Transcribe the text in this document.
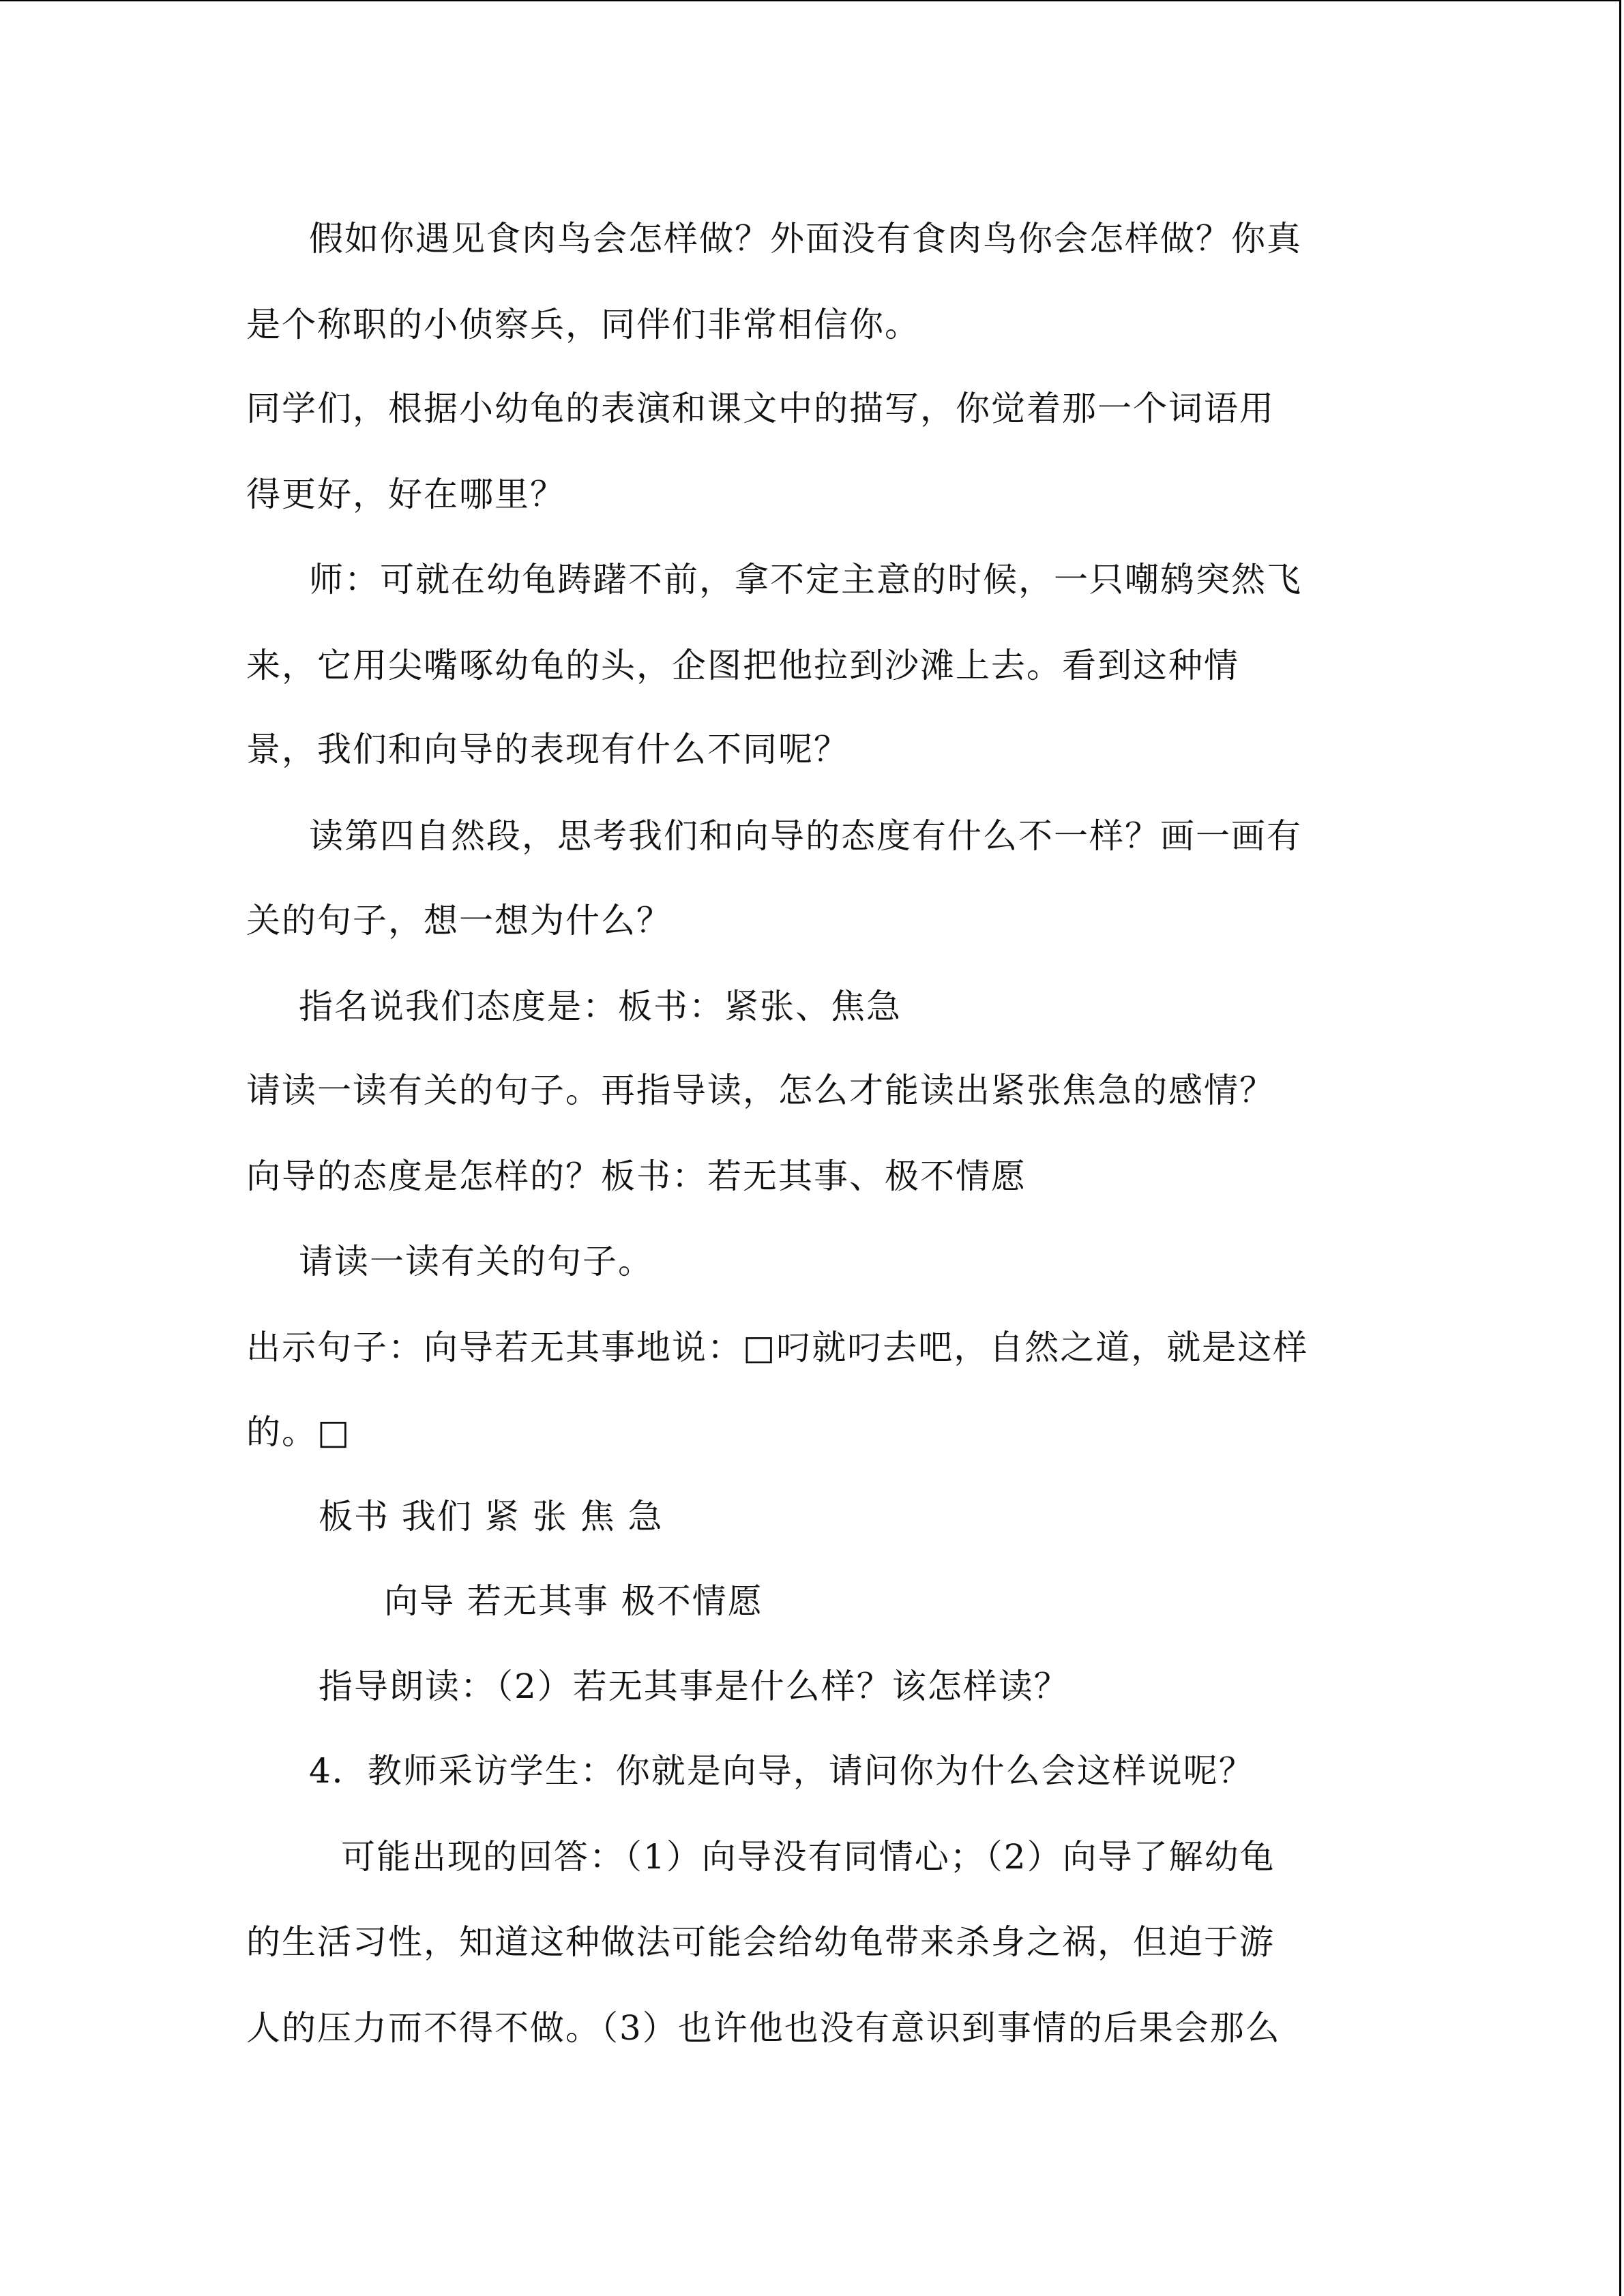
假如你遇见食肉鸟会怎样做？外面没有食肉鸟你会怎样做？你真
是个称职的小侦察兵，同伴们非常相信你。
同学们，根据小幼龟的表演和课文中的描写，你觉着那一个词语用
得更好，好在哪里？
师：可就在幼龟踌躇不前，拿不定主意的时候，一只嘲鸫突然飞
来，它用尖嘴啄幼龟的头，企图把他拉到沙滩上去。看到这种情
景，我们和向导的表现有什么不同呢？
读第四自然段，思考我们和向导的态度有什么不一样？画一画有
关的句子，想一想为什么？
指名说我们态度是：板书：紧张、焦急
请读一读有关的句子。再指导读，怎么才能读出紧张焦急的感情？
向导的态度是怎样的？板书：若无其事、极不情愿
请读一读有关的句子。
出示句子：向导若无其事地说：□叼就叼去吧，自然之道，就是这样
的。□
板书 我们 紧 张 焦 急
向导 若无其事 极不情愿
指导朗读：（2）若无其事是什么样？该怎样读？
4．教师采访学生：你就是向导，请问你为什么会这样说呢？
可能出现的回答：（1）向导没有同情心；（2）向导了解幼龟
的生活习性，知道这种做法可能会给幼龟带来杀身之祸，但迫于游
人的压力而不得不做。（3）也许他也没有意识到事情的后果会那么
